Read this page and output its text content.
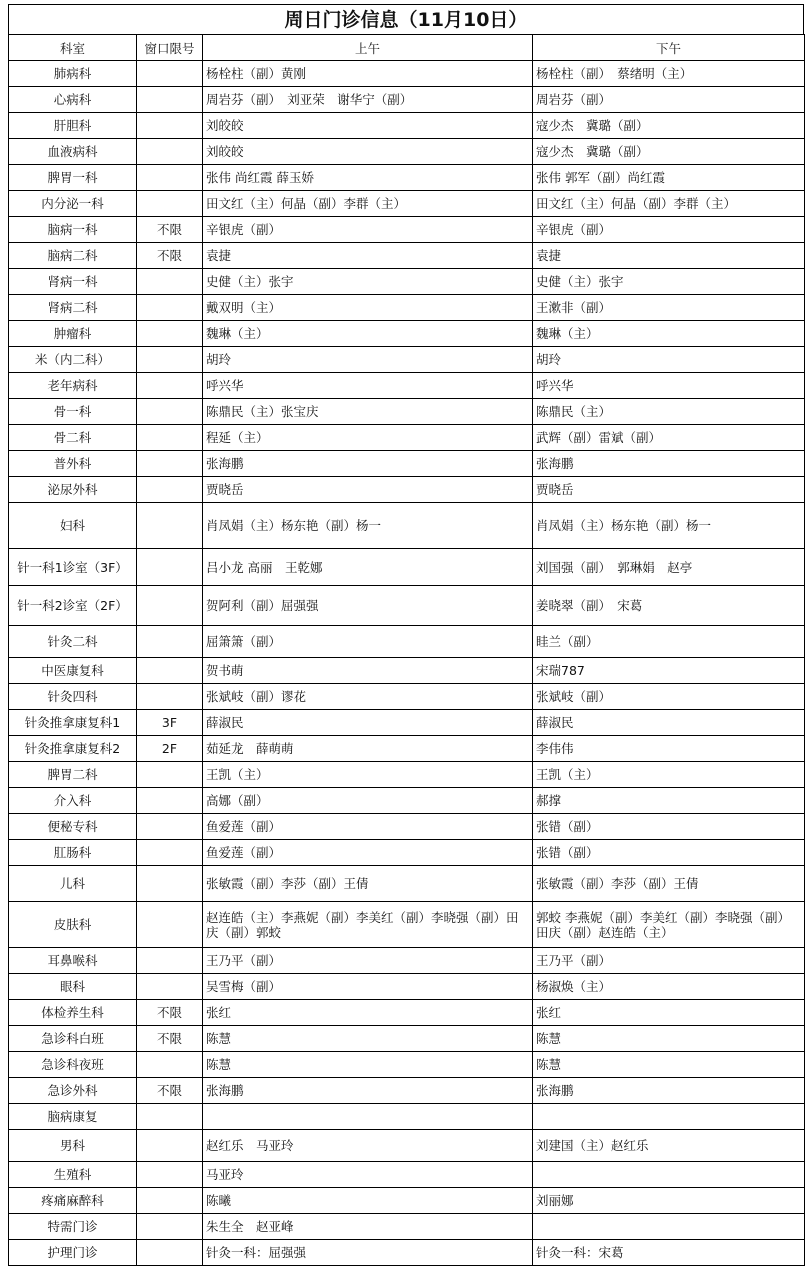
周日门诊信息（11月10日）
科室	窗口限号	上午	下午

肺病科		杨栓柱（副）黄刚	杨栓柱（副）　蔡绪明（主）

心病科		周岩芬（副）　刘亚荣　谢华宁（副）	周岩芬（副）

肝胆科		刘皎皎	寇少杰　冀璐（副）

血液病科		刘皎皎	寇少杰　冀璐（副）

脾胃一科		张伟 尚红霞 薛玉娇	张伟 郭军（副）尚红霞

内分泌一科		田文红（主）何晶（副）李群（主）	田文红（主）何晶（副）李群（主）

脑病一科	不限	辛银虎（副）	辛银虎（副）

脑病二科	不限	袁捷	袁捷

肾病一科		史健（主）张宇	史健（主）张宇

肾病二科		戴双明（主）	王漱非（副）

肿瘤科		魏琳（主）	魏琳（主）

米（内二科）		胡玲	胡玲

老年病科		呼兴华	呼兴华

骨一科		陈鼎民（主）张宝庆	陈鼎民（主）

骨二科		程延（主）	武辉（副）雷斌（副）

普外科		张海鹏	张海鹏

泌尿外科		贾晓岳	贾晓岳

妇科		肖凤娟（主）杨东艳（副）杨一	肖凤娟（主）杨东艳（副）杨一

针一科1诊室（3F）		吕小龙 高丽　王乾娜	刘国强（副）　郭琳娟　赵亭

针一科2诊室（2F）		贺阿利（副）屈强强	姜晓翠（副）　宋葛

针灸二科		屈箫箫（副）	眭兰（副）

中医康复科		贺书萌	宋瑞787

针灸四科		张斌岐（副）谬花	张斌岐（副）

针灸推拿康复科1	3F	薛淑民	薛淑民

针灸推拿康复科2	2F	茹延龙　薛萌萌	李伟伟

脾胃二科		王凯（主）	王凯（主）

介入科		高娜（副）	郝撑

便秘专科		鱼爱莲（副）	张错（副）

肛肠科		鱼爱莲（副）	张错（副）

儿科		张敏霞（副）李莎（副）王倩	张敏霞（副）李莎（副）王倩

皮肤科		赵连皓（主）李燕妮（副）李美红（副）李晓强（副）田庆（副）郭蛟	郭蛟 李燕妮（副）李美红（副）李晓强（副）田庆（副）赵连皓（主）

耳鼻喉科		王乃平（副）	王乃平（副）

眼科		吴雪梅（副）	杨淑焕（主）

体检养生科	不限	张红	张红

急诊科白班	不限	陈慧	陈慧

急诊科夜班		陈慧	陈慧

急诊外科	不限	张海鹏	张海鹏

脑病康复			

男科		赵红乐　马亚玲	刘建国（主）赵红乐

生殖科		马亚玲	

疼痛麻醉科		陈曦	刘丽娜

特需门诊		朱生全　赵亚峰	

护理门诊		针灸一科：屈强强	针灸一科：宋葛
